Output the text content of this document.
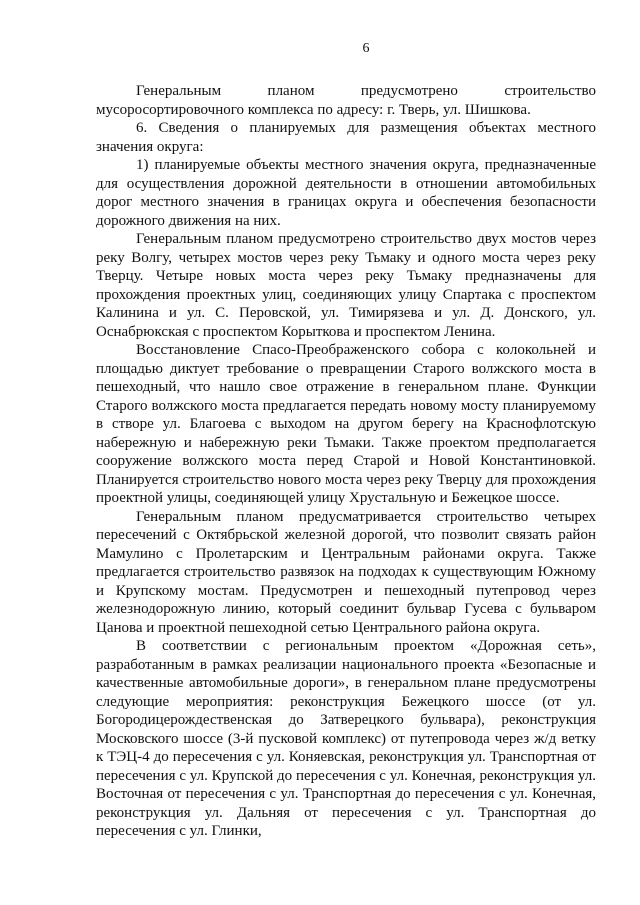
6

Генеральным планом предусмотрено строительство мусоросортировочного комплекса по адресу: г. Тверь, ул. Шишкова.

6. Сведения о планируемых для размещения объектах местного значения округа:

1) планируемые объекты местного значения округа, предназначенные для осуществления дорожной деятельности в отношении автомобильных дорог местного значения в границах округа и обеспечения безопасности дорожного движения на них.

Генеральным планом предусмотрено строительство двух мостов через реку Волгу, четырех мостов через реку Тьмаку и одного моста через реку Тверцу. Четыре новых моста через реку Тьмаку предназначены для прохождения проектных улиц, соединяющих улицу Спартака с проспектом Калинина и ул. С. Перовской, ул. Тимирязева и ул. Д. Донского, ул. Оснабрюкская с проспектом Корыткова и проспектом Ленина.

Восстановление Спасо-Преображенского собора с колокольней и площадью диктует требование о превращении Старого волжского моста в пешеходный, что нашло свое отражение в генеральном плане. Функции Старого волжского моста предлагается передать новому мосту планируемому в створе ул. Благоева с выходом на другом берегу на Краснофлотскую набережную и набережную реки Тьмаки. Также проектом предполагается сооружение волжского моста перед Старой и Новой Константиновкой. Планируется строительство нового моста через реку Тверцу для прохождения проектной улицы, соединяющей улицу Хрустальную и Бежецкое шоссе.

Генеральным планом предусматривается строительство четырех пересечений с Октябрьской железной дорогой, что позволит связать район Мамулино с Пролетарским и Центральным районами округа. Также предлагается строительство развязок на подходах к существующим Южному и Крупскому мостам. Предусмотрен и пешеходный путепровод через железнодорожную линию, который соединит бульвар Гусева с бульваром Цанова и проектной пешеходной сетью Центрального района округа.

В соответствии с региональным проектом «Дорожная сеть», разработанным в рамках реализации национального проекта «Безопасные и качественные автомобильные дороги», в генеральном плане предусмотрены следующие мероприятия: реконструкция Бежецкого шоссе (от ул. Богородицерождественская до Затверецкого бульвара), реконструкция Московского шоссе (3-й пусковой комплекс) от путепровода через ж/д ветку к ТЭЦ-4 до пересечения с ул. Коняевская, реконструкция ул. Транспортная от пересечения с ул. Крупской до пересечения с ул. Конечная, реконструкция ул. Восточная от пересечения с ул. Транспортная до пересечения с ул. Конечная, реконструкция ул. Дальняя от пересечения с ул. Транспортная до пересечения с ул. Глинки,
